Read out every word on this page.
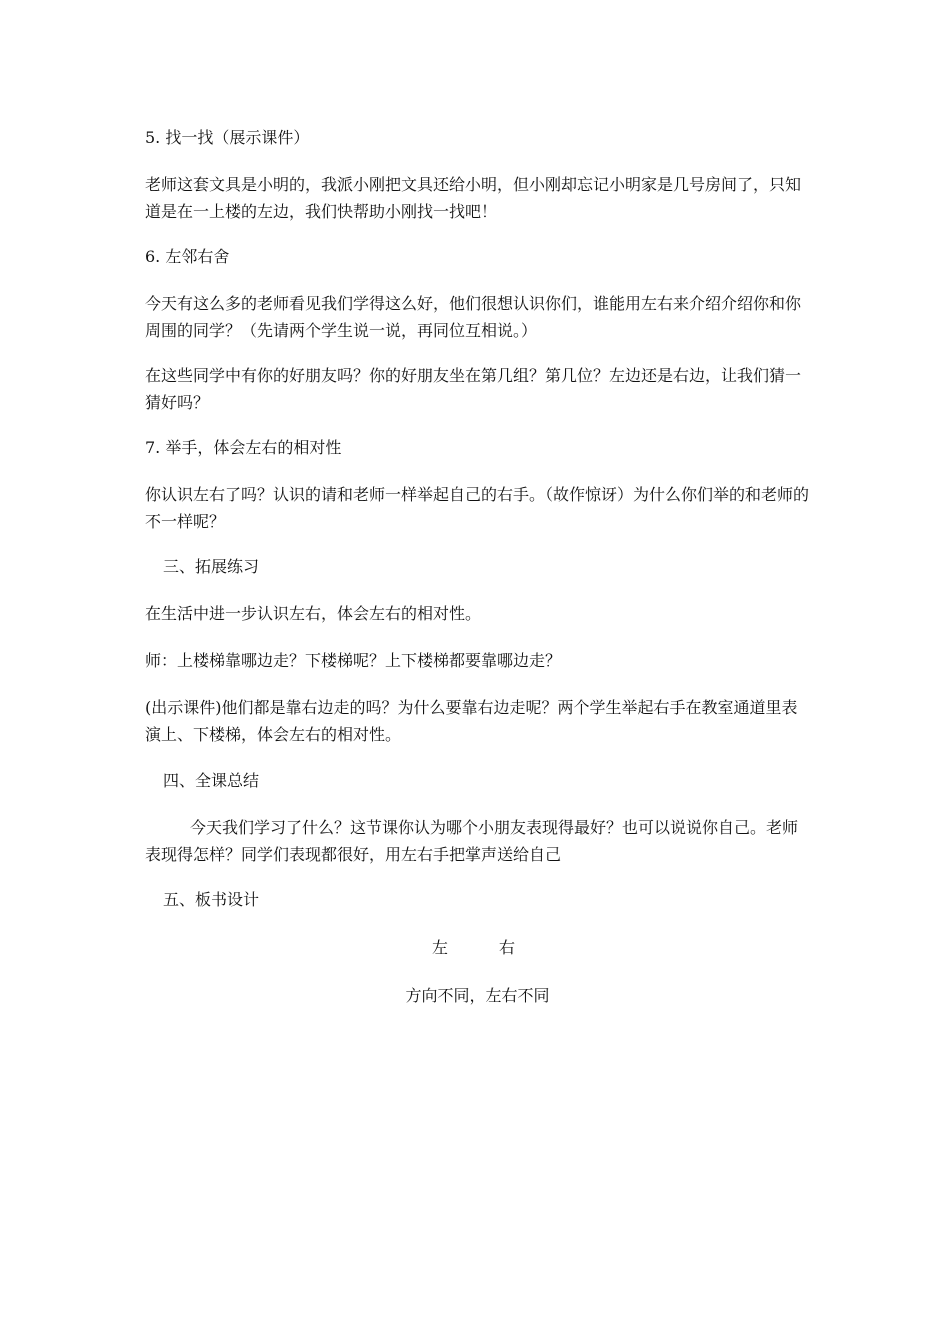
5. 找一找（展示课件）

老师这套文具是小明的，我派小刚把文具还给小明，但小刚却忘记小明家是几号房间了，只知道是在一上楼的左边，我们快帮助小刚找一找吧！

6. 左邻右舍

今天有这么多的老师看见我们学得这么好，他们很想认识你们，谁能用左右来介绍介绍你和你周围的同学？（先请两个学生说一说，再同位互相说。）

在这些同学中有你的好朋友吗？你的好朋友坐在第几组？第几位？左边还是右边，让我们猜一猜好吗？

7. 举手，体会左右的相对性

你认识左右了吗？认识的请和老师一样举起自己的右手。（故作惊讶）为什么你们举的和老师的不一样呢？

三、拓展练习

在生活中进一步认识左右，体会左右的相对性。

师：上楼梯靠哪边走？下楼梯呢？上下楼梯都要靠哪边走？

(出示课件)他们都是靠右边走的吗？为什么要靠右边走呢？两个学生举起右手在教室通道里表演上、下楼梯，体会左右的相对性。

四、全课总结

今天我们学习了什么？这节课你认为哪个小朋友表现得最好？也可以说说你自己。老师表现得怎样？同学们表现都很好，用左右手把掌声送给自己

五、板书设计

左	右

方向不同，左右不同
